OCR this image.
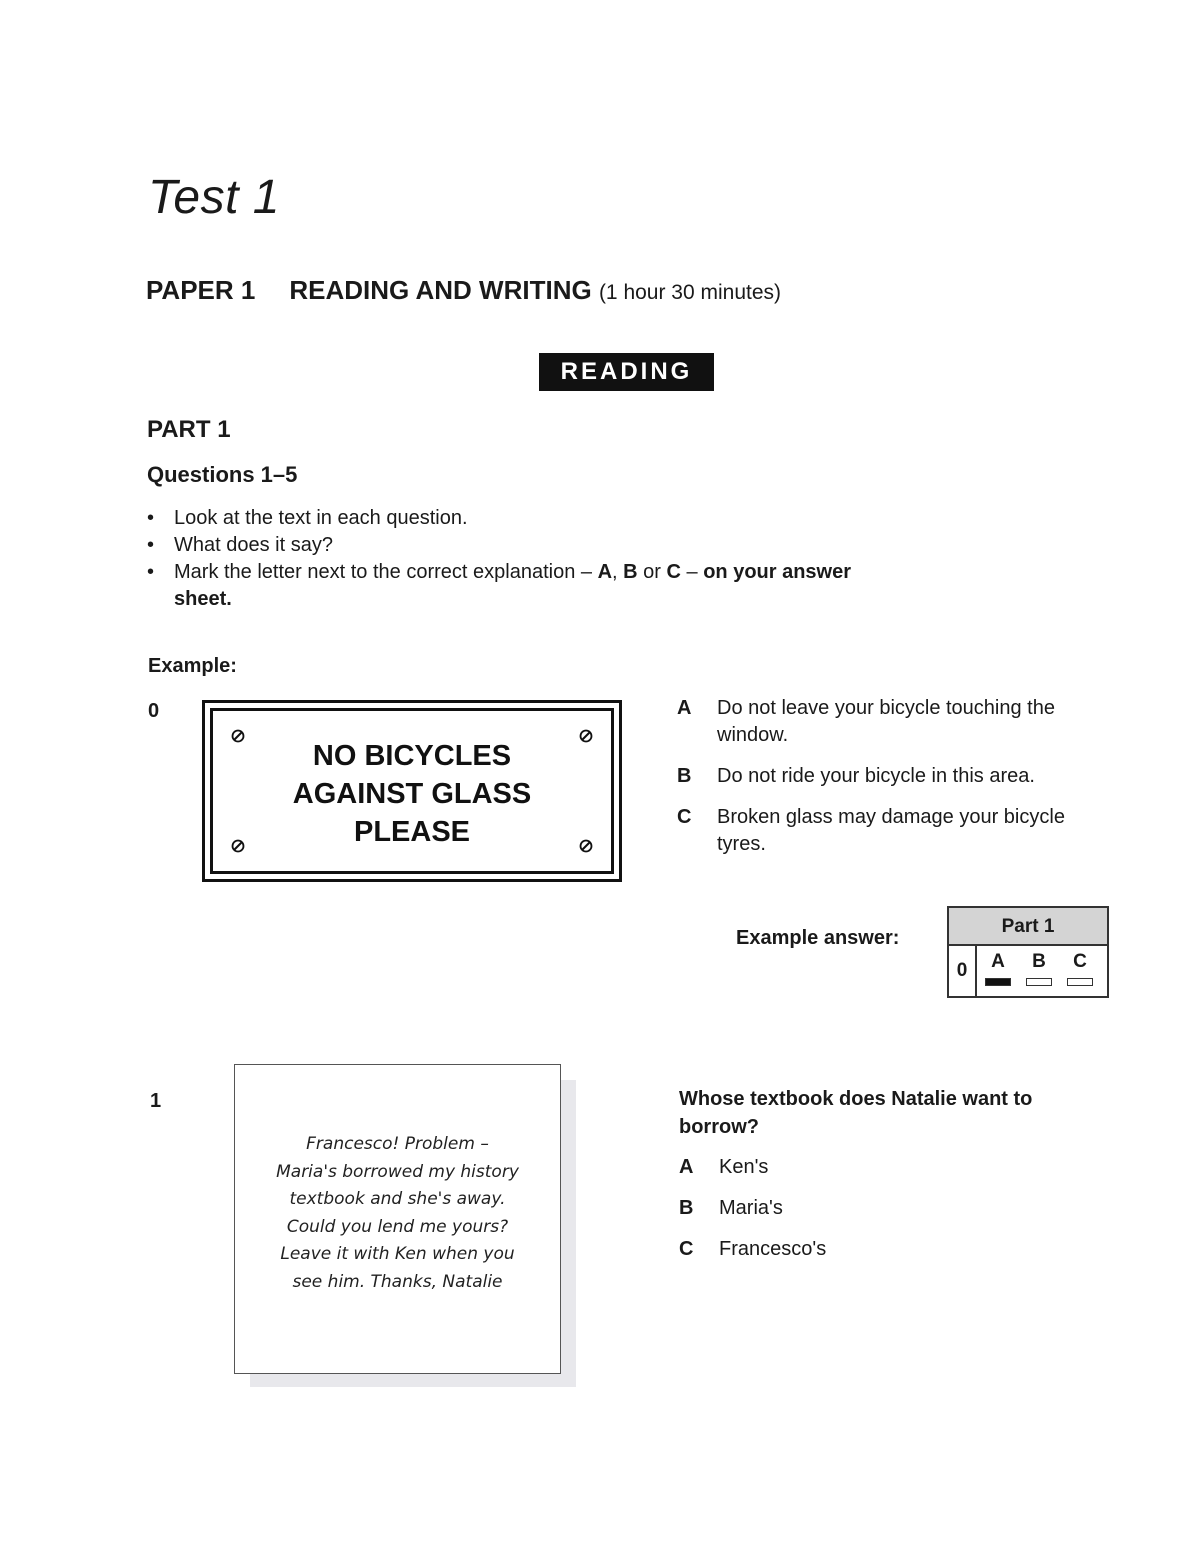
Test 1
PAPER 1 READING AND WRITING (1 hour 30 minutes)
READING
PART 1
Questions 1–5
• Look at the text in each question.
• What does it say?
• Mark the letter next to the correct explanation – A, B or C – on your answer sheet.
Example:
0
NO BICYCLES
AGAINST GLASS
PLEASE
A Do not leave your bicycle touching the window.
B Do not ride your bicycle in this area.
C Broken glass may damage your bicycle tyres.
Example answer:
Part 1
0	A	B	C
1
Francesco! Problem –
Maria's borrowed my history
textbook and she's away.
Could you lend me yours?
Leave it with Ken when you
see him. Thanks, Natalie

Whose textbook does Natalie want to borrow?

A Ken's
B Maria's
C Francesco's
